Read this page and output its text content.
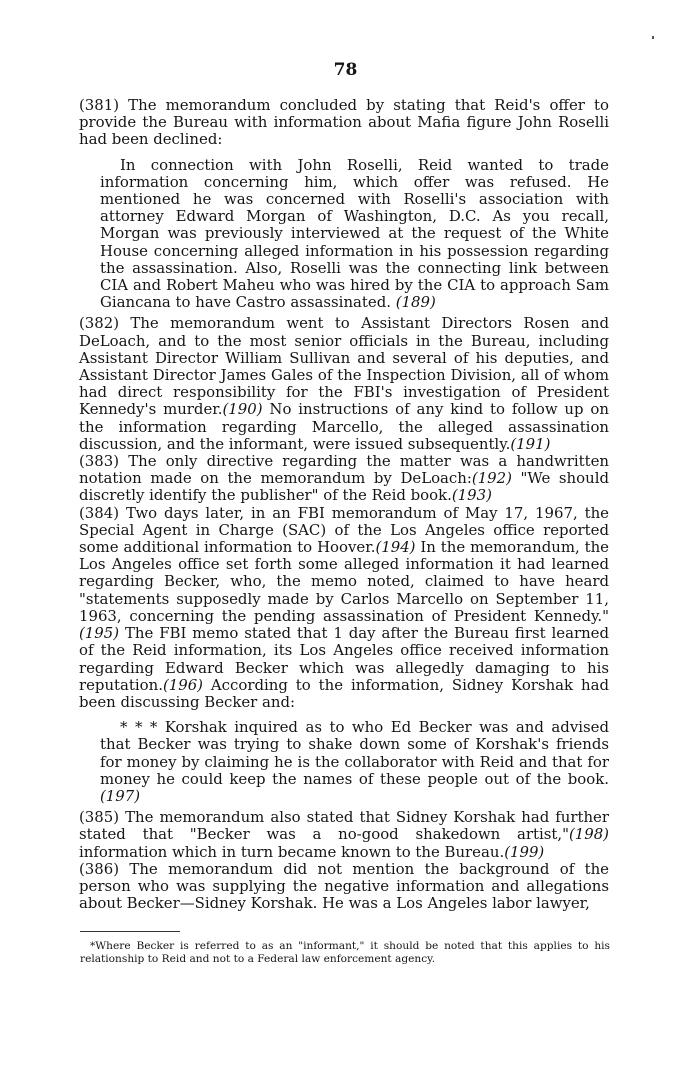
78

(381) The memorandum concluded by stating that Reid's offer to provide the Bureau with information about Mafia figure John Roselli had been declined:

In connection with John Roselli, Reid wanted to trade information concerning him, which offer was refused. He mentioned he was concerned with Roselli's association with attorney Edward Morgan of Washington, D.C. As you recall, Morgan was previously interviewed at the request of the White House concerning alleged information in his possession regarding the assassination. Also, Roselli was the connecting link between CIA and Robert Maheu who was hired by the CIA to approach Sam Giancana to have Castro assassinated. (189)

(382) The memorandum went to Assistant Directors Rosen and DeLoach, and to the most senior officials in the Bureau, including Assistant Director William Sullivan and several of his deputies, and Assistant Director James Gales of the Inspection Division, all of whom had direct responsibility for the FBI's investigation of President Kennedy's murder.(190) No instructions of any kind to follow up on the information regarding Marcello, the alleged assassination discussion, and the informant, were issued subsequently.(191)

(383) The only directive regarding the matter was a handwritten notation made on the memorandum by DeLoach:(192) "We should discretly identify the publisher" of the Reid book.(193)

(384) Two days later, in an FBI memorandum of May 17, 1967, the Special Agent in Charge (SAC) of the Los Angeles office reported some additional information to Hoover.(194) In the memorandum, the Los Angeles office set forth some alleged information it had learned regarding Becker, who, the memo noted, claimed to have heard "statements supposedly made by Carlos Marcello on September 11, 1963, concerning the pending assassination of President Kennedy."(195) The FBI memo stated that 1 day after the Bureau first learned of the Reid information, its Los Angeles office received information regarding Edward Becker which was allegedly damaging to his reputation.(196) According to the information, Sidney Korshak had been discussing Becker and:

* * * Korshak inquired as to who Ed Becker was and advised that Becker was trying to shake down some of Korshak's friends for money by claiming he is the collaborator with Reid and that for money he could keep the names of these people out of the book.(197)

(385) The memorandum also stated that Sidney Korshak had further stated that "Becker was a no-good shakedown artist,"(198) information which in turn became known to the Bureau.(199)

(386) The memorandum did not mention the background of the person who was supplying the negative information and allegations about Becker—Sidney Korshak. He was a Los Angeles labor lawyer,

*Where Becker is referred to as an "informant," it should be noted that this applies to his relationship to Reid and not to a Federal law enforcement agency.
